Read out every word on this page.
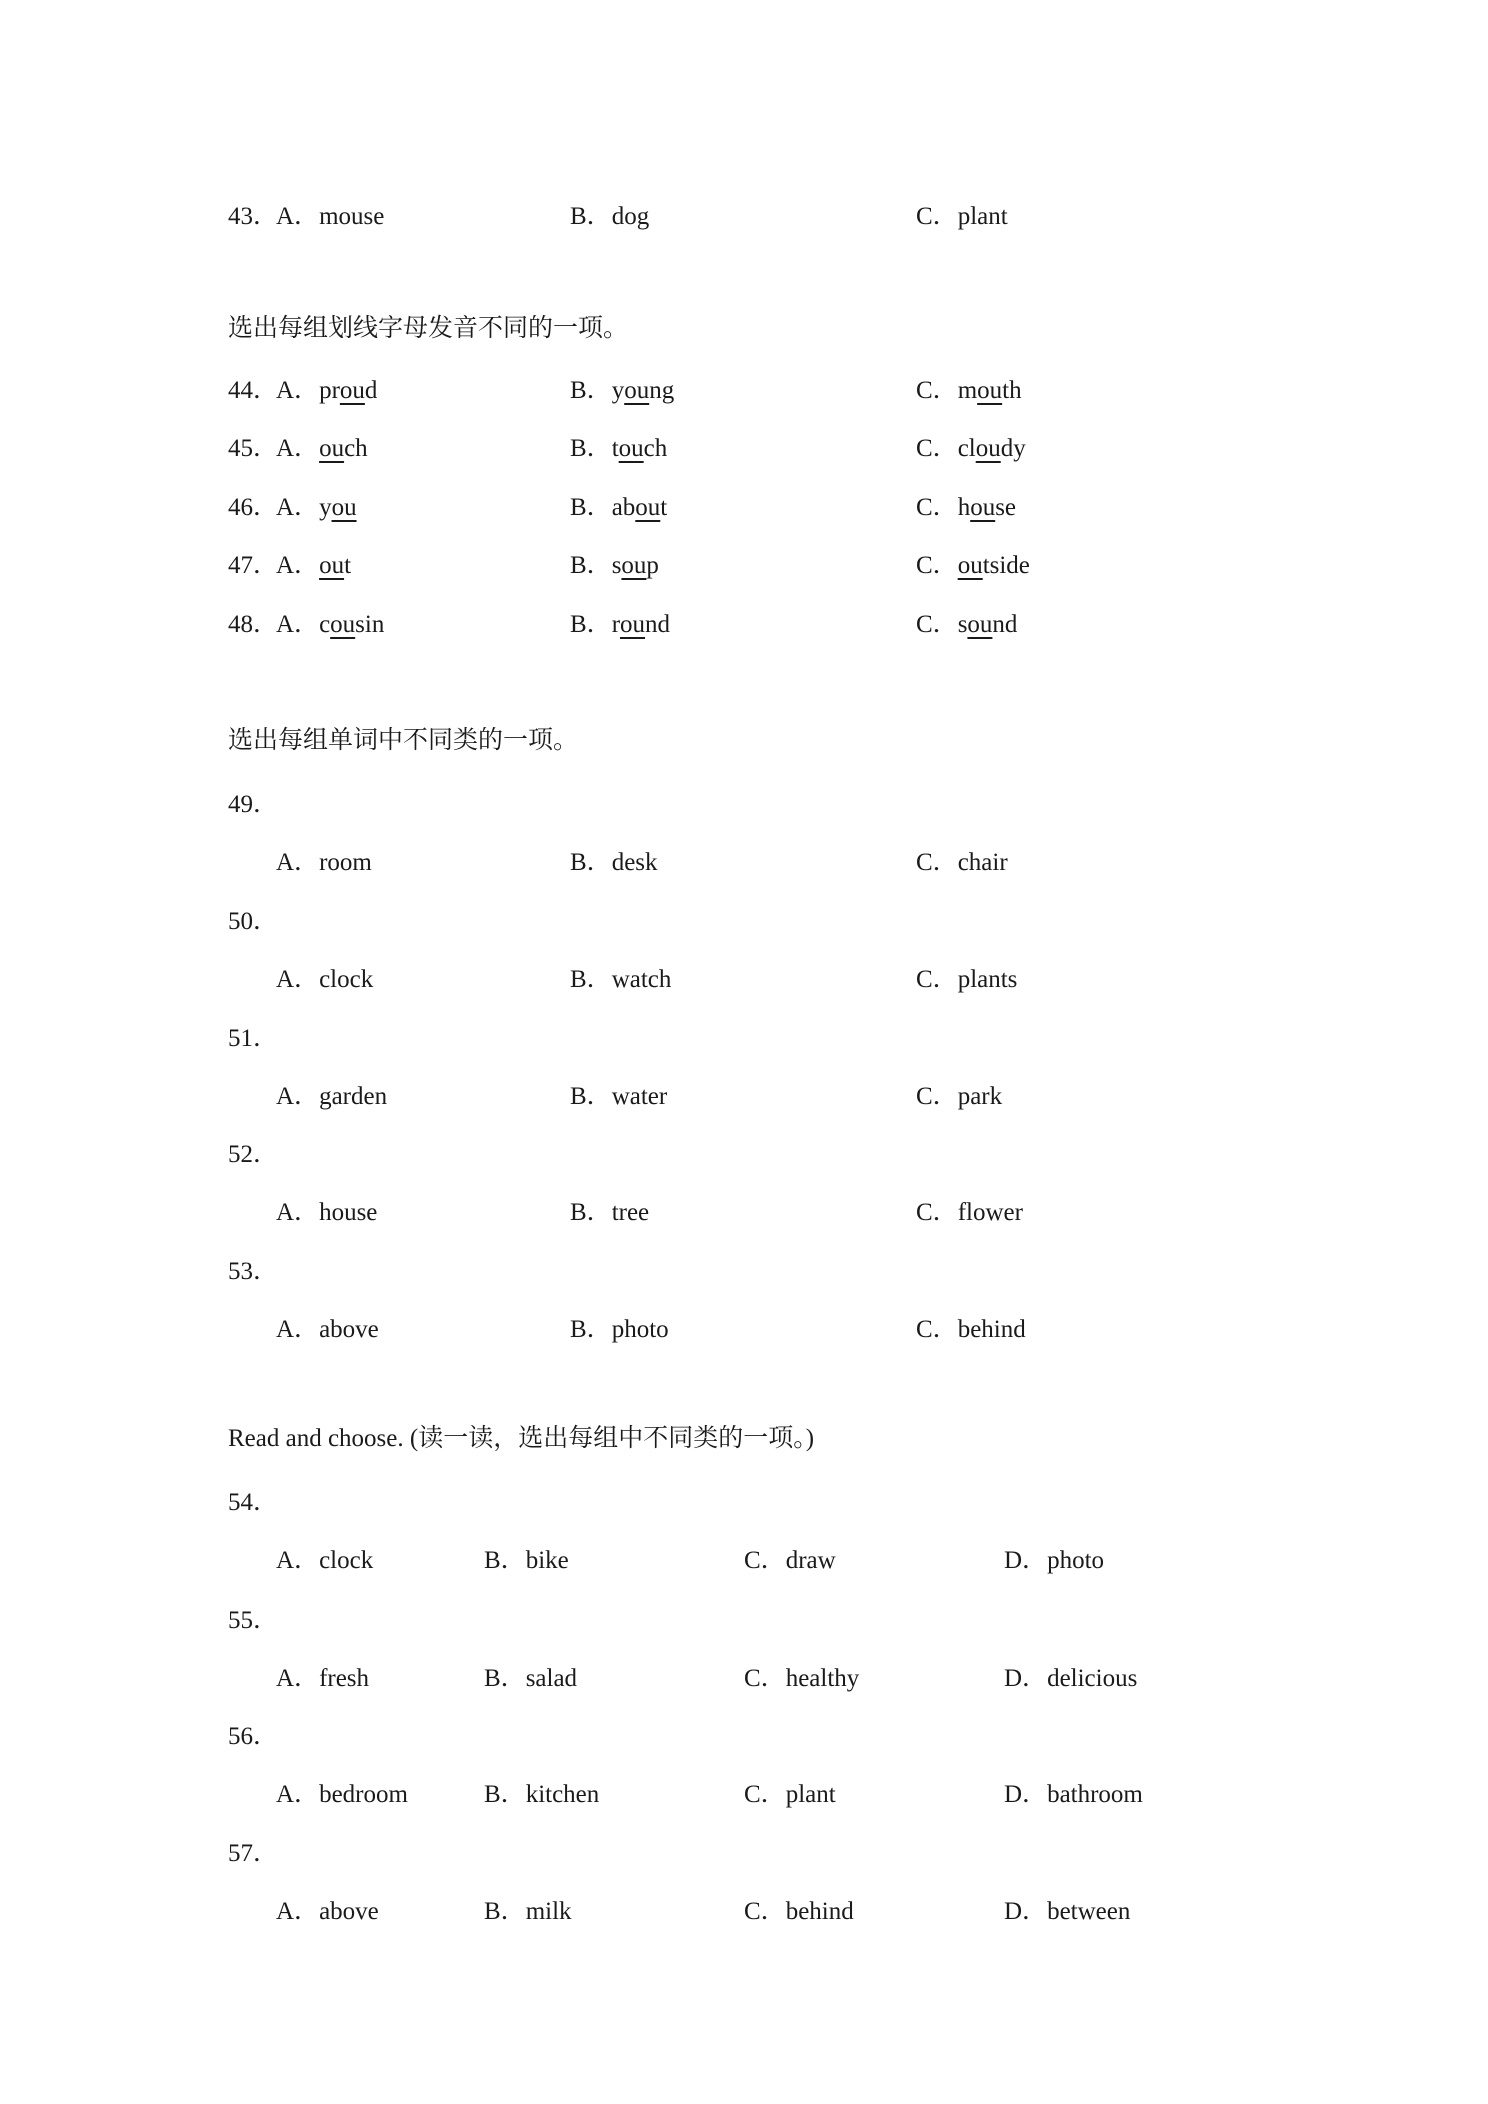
43．
A．mouse	B．dog	C．plant
选出每组划线字母发音不同的一项。
44．
A．proud	B．young	C．mouth
45．
A．ouch	B．touch	C．cloudy
46．
A．you	B．about	C．house
47．
A．out	B．soup	C．outside
48．
A．cousin	B．round	C．sound
选出每组单词中不同类的一项。
49．
A．room	B．desk	C．chair
50．
A．clock	B．watch	C．plants
51．
A．garden	B．water	C．park
52．
A．house	B．tree	C．flower
53．
A．above	B．photo	C．behind
Read and choose. (读一读，选出每组中不同类的一项。)
54．
A．clock	B．bike	C．draw	D．photo
55．
A．fresh	B．salad	C．healthy	D．delicious
56．
A．bedroom	B．kitchen	C．plant	D．bathroom
57．
A．above	B．milk	C．behind	D．between
